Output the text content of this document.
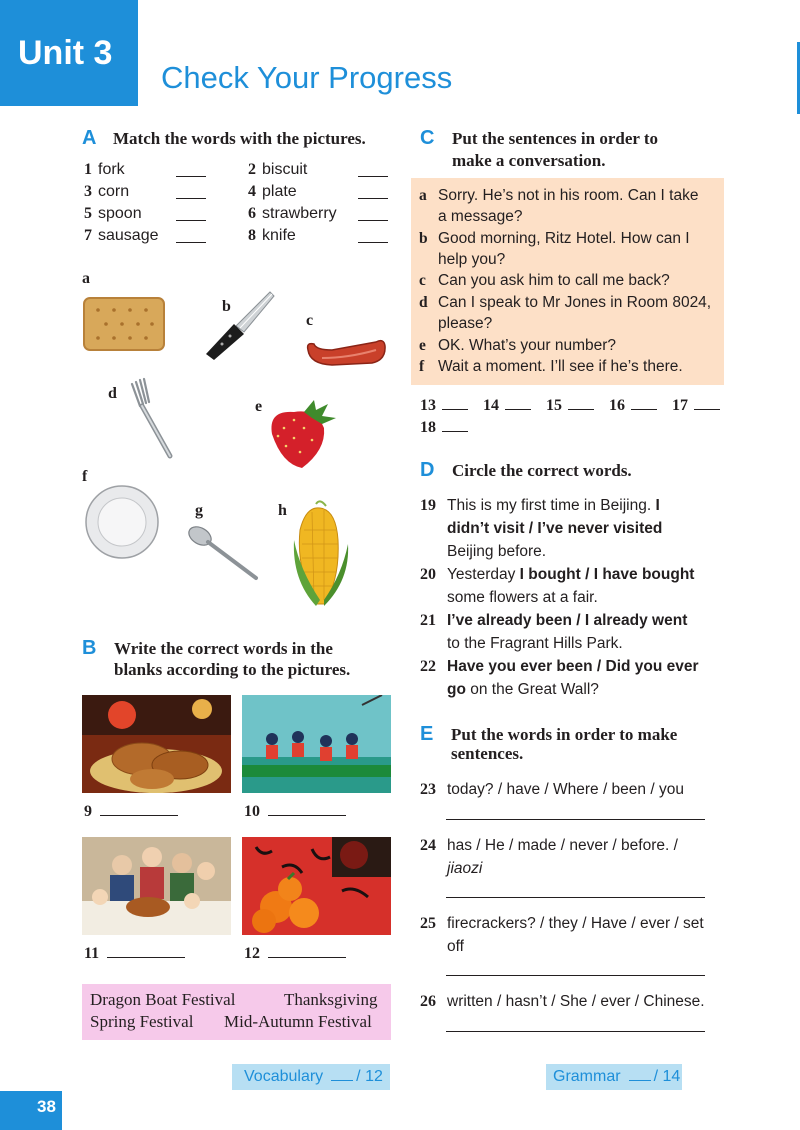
Unit 3
Check Your Progress
A Match the words with the pictures.
1 fork	2 biscuit
3 corn	4 plate
5 spoon	6 strawberry
7 sausage	8 knife
a
b
c
d
e
f
g	h
B Write the correct words in the
blanks according to the pictures.
9	10
11	12
Dragon Boat Festival	Thanksgiving
Spring Festival Mid-Autumn Festival
C Put the sentences in order to
make a conversation.
a Sorry. He’s not in his room. Can I take
a message?
b Good morning, Ritz Hotel. How can I
help you?
c Can you ask him to call me back?
d Can I speak to Mr Jones in Room 8024,
please?
e OK. What’s your number?
f Wait a moment. I’ll see if he’s there.
13	14	15	16	17
18
D Circle the correct words.
19 This is my first time in Beijing. I
didn’t visit / I’ve never visited
Beijing before.
20 Yesterday I bought / I have bought
some flowers at a fair.
21 I’ve already been / I already went
to the Fragrant Hills Park.
22 Have you ever been / Did you ever
go on the Great Wall?
E Put the words in order to make
sentences.
23 today? / have / Where / been / you
24 has / He / made / never / before. /
jiaozi
25 firecrackers? / they / Have / ever / set
off
26 written / hasn’t / She / ever / Chinese.
Vocabulary / 12	Grammar / 14
38
